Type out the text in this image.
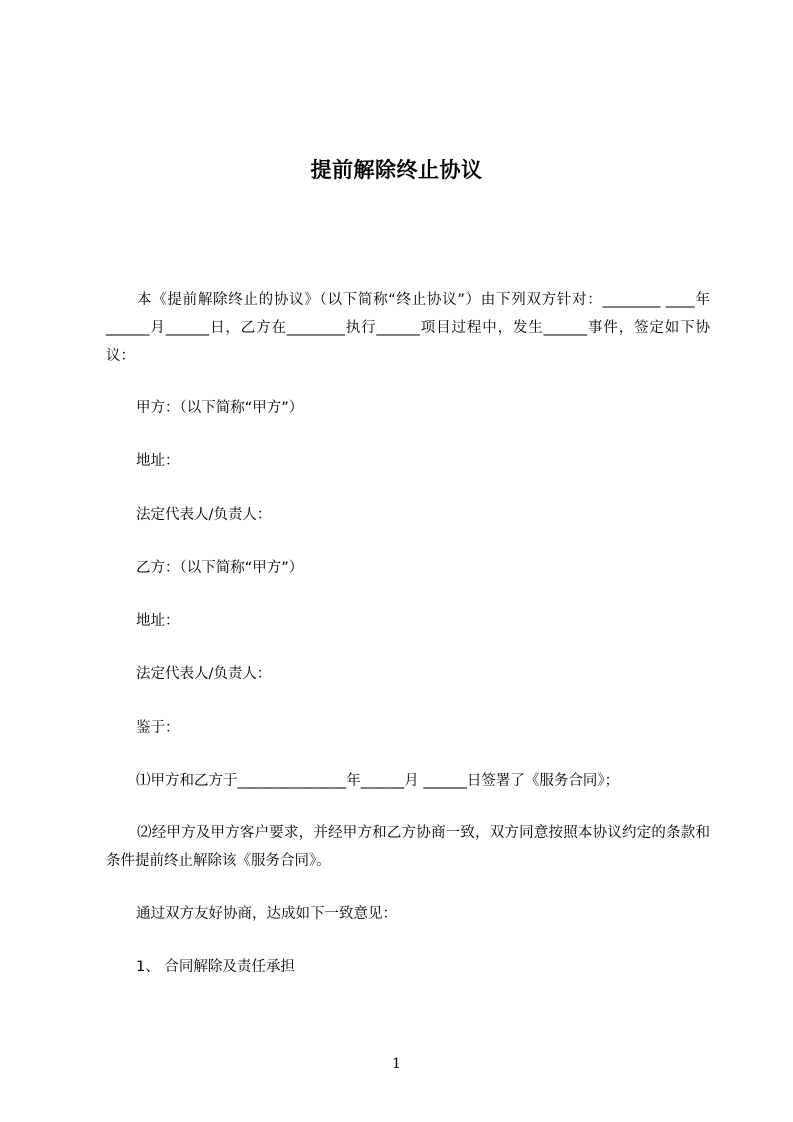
提前解除终止协议

本《提前解除终止的协议》（以下简称“终止协议”）由下列双方针对：________ ____年______月______日，乙方在________执行______项目过程中，发生______事件，签定如下协议：

甲方：（以下简称“甲方”）
地址：
法定代表人/负责人：
乙方：（以下简称“甲方”）
地址：
法定代表人/负责人：
鉴于：
⑴甲方和乙方于_______________年______月 ______日签署了《服务合同》；

⑵经甲方及甲方客户要求，并经甲方和乙方协商一致，双方同意按照本协议约定的条款和条件提前终止解除该《服务合同》。

通过双方友好协商，达成如下一致意见：
1、 合同解除及责任承担
1
